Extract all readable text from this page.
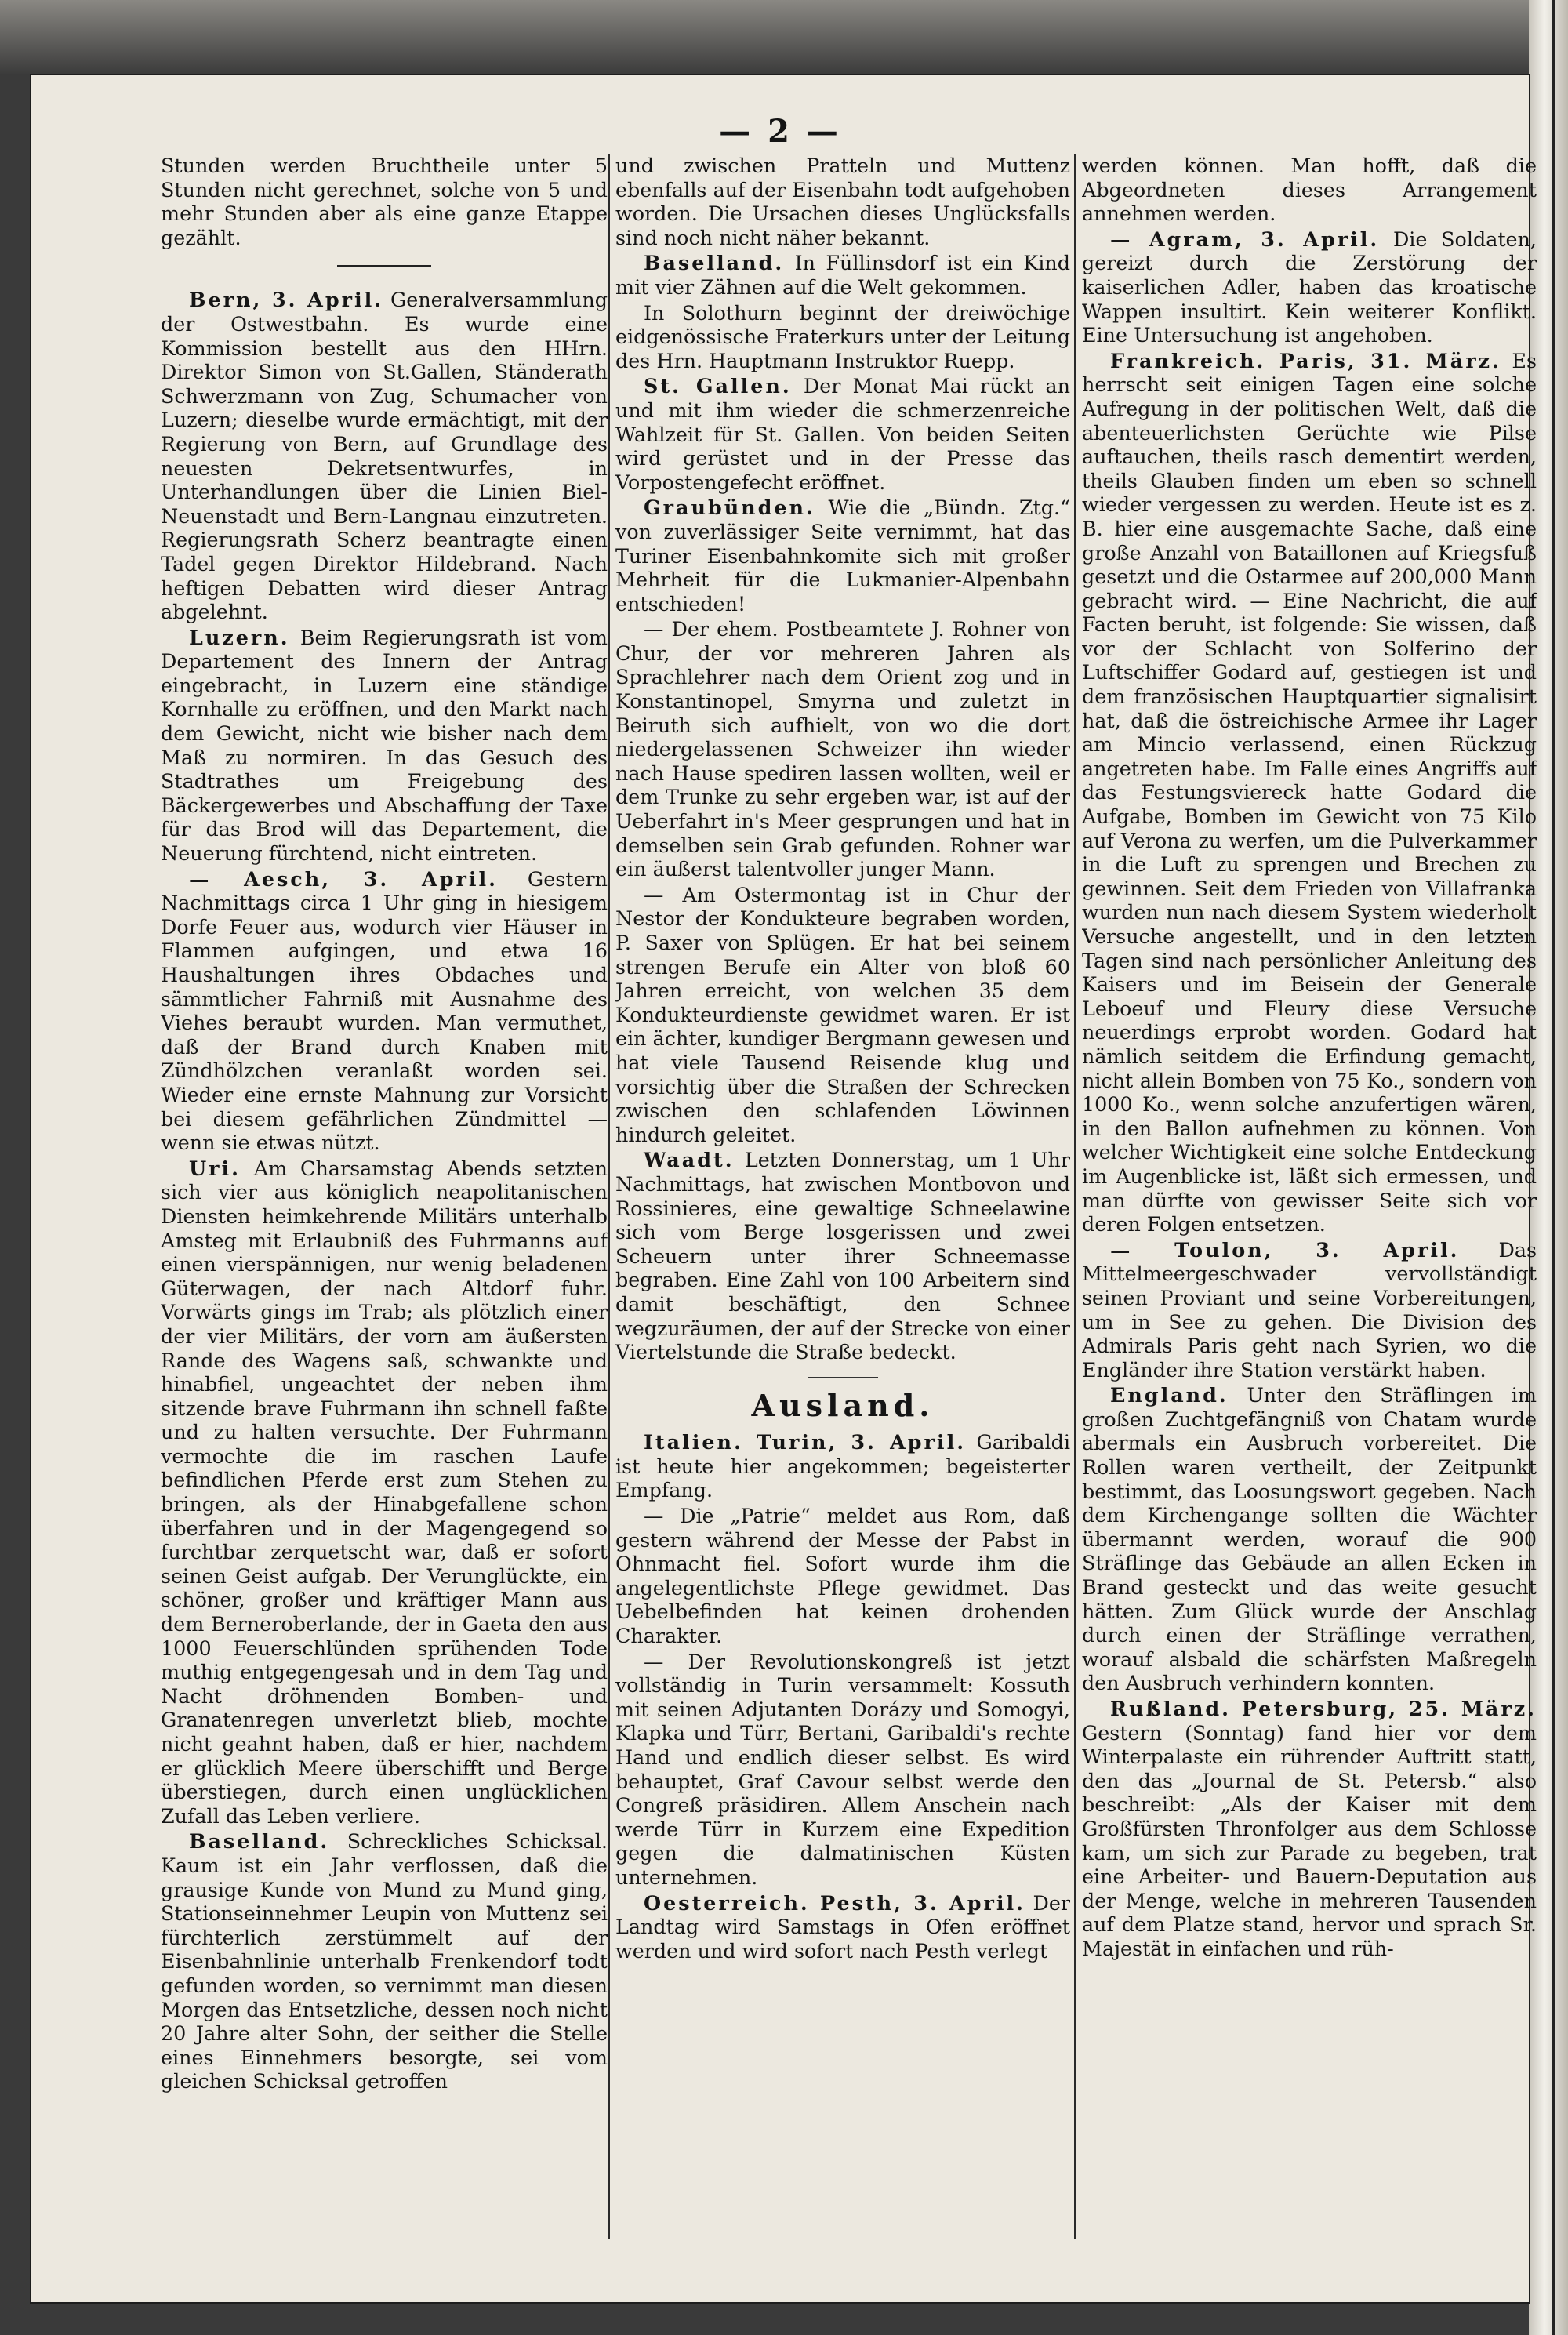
— 2 —

Stunden werden Bruchtheile unter 5 Stunden nicht gerechnet, solche von 5 und mehr Stunden aber als eine ganze Etappe gezählt.

Bern, 3. April. Generalversammlung der Ostwestbahn. Es wurde eine Kommission bestellt aus den HHrn. Direktor Simon von St.Gallen, Ständerath Schwerzmann von Zug, Schumacher von Luzern; dieselbe wurde ermächtigt, mit der Regierung von Bern, auf Grundlage des neuesten Dekretsentwurfes, in Unterhandlungen über die Linien Biel-Neuenstadt und Bern-Langnau einzutreten. Regierungsrath Scherz beantragte einen Tadel gegen Direktor Hildebrand. Nach heftigen Debatten wird dieser Antrag abgelehnt.

Luzern. Beim Regierungsrath ist vom Departement des Innern der Antrag eingebracht, in Luzern eine ständige Kornhalle zu eröffnen, und den Markt nach dem Gewicht, nicht wie bisher nach dem Maß zu normiren. In das Gesuch des Stadtrathes um Freigebung des Bäckergewerbes und Abschaffung der Taxe für das Brod will das Departement, die Neuerung fürchtend, nicht eintreten.

— Aesch, 3. April. Gestern Nachmittags circa 1 Uhr ging in hiesigem Dorfe Feuer aus, wodurch vier Häuser in Flammen aufgingen, und etwa 16 Haushaltungen ihres Obdaches und sämmtlicher Fahrniß mit Ausnahme des Viehes beraubt wurden. Man vermuthet, daß der Brand durch Knaben mit Zündhölzchen veranlaßt worden sei. Wieder eine ernste Mahnung zur Vorsicht bei diesem gefährlichen Zündmittel — wenn sie etwas nützt.

Uri. Am Charsamstag Abends setzten sich vier aus königlich neapolitanischen Diensten heimkehrende Militärs unterhalb Amsteg mit Erlaubniß des Fuhrmanns auf einen vierspännigen, nur wenig beladenen Güterwagen, der nach Altdorf fuhr. Vorwärts gings im Trab; als plötzlich einer der vier Militärs, der vorn am äußersten Rande des Wagens saß, schwankte und hinabfiel, ungeachtet der neben ihm sitzende brave Fuhrmann ihn schnell faßte und zu halten versuchte. Der Fuhrmann vermochte die im raschen Laufe befindlichen Pferde erst zum Stehen zu bringen, als der Hinabgefallene schon überfahren und in der Magengegend so furchtbar zerquetscht war, daß er sofort seinen Geist aufgab. Der Verunglückte, ein schöner, großer und kräftiger Mann aus dem Berneroberlande, der in Gaeta den aus 1000 Feuerschlünden sprühenden Tode muthig entgegengesah und in dem Tag und Nacht dröhnenden Bomben- und Granatenregen unverletzt blieb, mochte nicht geahnt haben, daß er hier, nachdem er glücklich Meere überschifft und Berge überstiegen, durch einen unglücklichen Zufall das Leben verliere.

Baselland. Schreckliches Schicksal. Kaum ist ein Jahr verflossen, daß die grausige Kunde von Mund zu Mund ging, Stationseinnehmer Leupin von Muttenz sei fürchterlich zerstümmelt auf der Eisenbahnlinie unterhalb Frenkendorf todt gefunden worden, so vernimmt man diesen Morgen das Entsetzliche, dessen noch nicht 20 Jahre alter Sohn, der seither die Stelle eines Einnehmers besorgte, sei vom gleichen Schicksal getroffen

und zwischen Pratteln und Muttenz ebenfalls auf der Eisenbahn todt aufgehoben worden. Die Ursachen dieses Unglücksfalls sind noch nicht näher bekannt.

Baselland. In Füllinsdorf ist ein Kind mit vier Zähnen auf die Welt gekommen.

In Solothurn beginnt der dreiwöchige eidgenössische Fraterkurs unter der Leitung des Hrn. Hauptmann Instruktor Ruepp.

St. Gallen. Der Monat Mai rückt an und mit ihm wieder die schmerzenreiche Wahlzeit für St. Gallen. Von beiden Seiten wird gerüstet und in der Presse das Vorpostengefecht eröffnet.

Graubünden. Wie die „Bündn. Ztg.“ von zuverlässiger Seite vernimmt, hat das Turiner Eisenbahnkomite sich mit großer Mehrheit für die Lukmanier-Alpenbahn entschieden!

— Der ehem. Postbeamtete J. Rohner von Chur, der vor mehreren Jahren als Sprachlehrer nach dem Orient zog und in Konstantinopel, Smyrna und zuletzt in Beiruth sich aufhielt, von wo die dort niedergelassenen Schweizer ihn wieder nach Hause spediren lassen wollten, weil er dem Trunke zu sehr ergeben war, ist auf der Ueberfahrt in's Meer gesprungen und hat in demselben sein Grab gefunden. Rohner war ein äußerst talentvoller junger Mann.

— Am Ostermontag ist in Chur der Nestor der Kondukteure begraben worden, P. Saxer von Splügen. Er hat bei seinem strengen Berufe ein Alter von bloß 60 Jahren erreicht, von welchen 35 dem Kondukteurdienste gewidmet waren. Er ist ein ächter, kundiger Bergmann gewesen und hat viele Tausend Reisende klug und vorsichtig über die Straßen der Schrecken zwischen den schlafenden Löwinnen hindurch geleitet.

Waadt. Letzten Donnerstag, um 1 Uhr Nachmittags, hat zwischen Montbovon und Rossinieres, eine gewaltige Schneelawine sich vom Berge losgerissen und zwei Scheuern unter ihrer Schneemasse begraben. Eine Zahl von 100 Arbeitern sind damit beschäftigt, den Schnee wegzuräumen, der auf der Strecke von einer Viertelstunde die Straße bedeckt.

Ausland.

Italien. Turin, 3. April. Garibaldi ist heute hier angekommen; begeisterter Empfang.

— Die „Patrie“ meldet aus Rom, daß gestern während der Messe der Pabst in Ohnmacht fiel. Sofort wurde ihm die angelegentlichste Pflege gewidmet. Das Uebelbefinden hat keinen drohenden Charakter.

— Der Revolutionskongreß ist jetzt vollständig in Turin versammelt: Kossuth mit seinen Adjutanten Dorázy und Somogyi, Klapka und Türr, Bertani, Garibaldi's rechte Hand und endlich dieser selbst. Es wird behauptet, Graf Cavour selbst werde den Congreß präsidiren. Allem Anschein nach werde Türr in Kurzem eine Expedition gegen die dalmatinischen Küsten unternehmen.

Oesterreich. Pesth, 3. April. Der Landtag wird Samstags in Ofen eröffnet werden und wird sofort nach Pesth verlegt

werden können. Man hofft, daß die Abgeordneten dieses Arrangement annehmen werden.

— Agram, 3. April. Die Soldaten, gereizt durch die Zerstörung der kaiserlichen Adler, haben das kroatische Wappen insultirt. Kein weiterer Konflikt. Eine Untersuchung ist angehoben.

Frankreich. Paris, 31. März. Es herrscht seit einigen Tagen eine solche Aufregung in der politischen Welt, daß die abenteuerlichsten Gerüchte wie Pilse auftauchen, theils rasch dementirt werden, theils Glauben finden um eben so schnell wieder vergessen zu werden. Heute ist es z. B. hier eine ausgemachte Sache, daß eine große Anzahl von Bataillonen auf Kriegsfuß gesetzt und die Ostarmee auf 200,000 Mann gebracht wird. — Eine Nachricht, die auf Facten beruht, ist folgende: Sie wissen, daß vor der Schlacht von Solferino der Luftschiffer Godard auf, gestiegen ist und dem französischen Hauptquartier signalisirt hat, daß die östreichische Armee ihr Lager am Mincio verlassend, einen Rückzug angetreten habe. Im Falle eines Angriffs auf das Festungsviereck hatte Godard die Aufgabe, Bomben im Gewicht von 75 Kilo auf Verona zu werfen, um die Pulverkammer in die Luft zu sprengen und Brechen zu gewinnen. Seit dem Frieden von Villafranka wurden nun nach diesem System wiederholt Versuche angestellt, und in den letzten Tagen sind nach persönlicher Anleitung des Kaisers und im Beisein der Generale Leboeuf und Fleury diese Versuche neuerdings erprobt worden. Godard hat nämlich seitdem die Erfindung gemacht, nicht allein Bomben von 75 Ko., sondern von 1000 Ko., wenn solche anzufertigen wären, in den Ballon aufnehmen zu können. Von welcher Wichtigkeit eine solche Entdeckung im Augenblicke ist, läßt sich ermessen, und man dürfte von gewisser Seite sich vor deren Folgen entsetzen.

— Toulon, 3. April. Das Mittelmeergeschwader vervollständigt seinen Proviant und seine Vorbereitungen, um in See zu gehen. Die Division des Admirals Paris geht nach Syrien, wo die Engländer ihre Station verstärkt haben.

England. Unter den Sträflingen im großen Zuchtgefängniß von Chatam wurde abermals ein Ausbruch vorbereitet. Die Rollen waren vertheilt, der Zeitpunkt bestimmt, das Loosungswort gegeben. Nach dem Kirchengange sollten die Wächter übermannt werden, worauf die 900 Sträflinge das Gebäude an allen Ecken in Brand gesteckt und das weite gesucht hätten. Zum Glück wurde der Anschlag durch einen der Sträflinge verrathen, worauf alsbald die schärfsten Maßregeln den Ausbruch verhindern konnten.

Rußland. Petersburg, 25. März. Gestern (Sonntag) fand hier vor dem Winterpalaste ein rührender Auftritt statt, den das „Journal de St. Petersb.“ also beschreibt: „Als der Kaiser mit dem Großfürsten Thronfolger aus dem Schlosse kam, um sich zur Parade zu begeben, trat eine Arbeiter- und Bauern-Deputation aus der Menge, welche in mehreren Tausenden auf dem Platze stand, hervor und sprach Sr. Majestät in einfachen und rüh-
